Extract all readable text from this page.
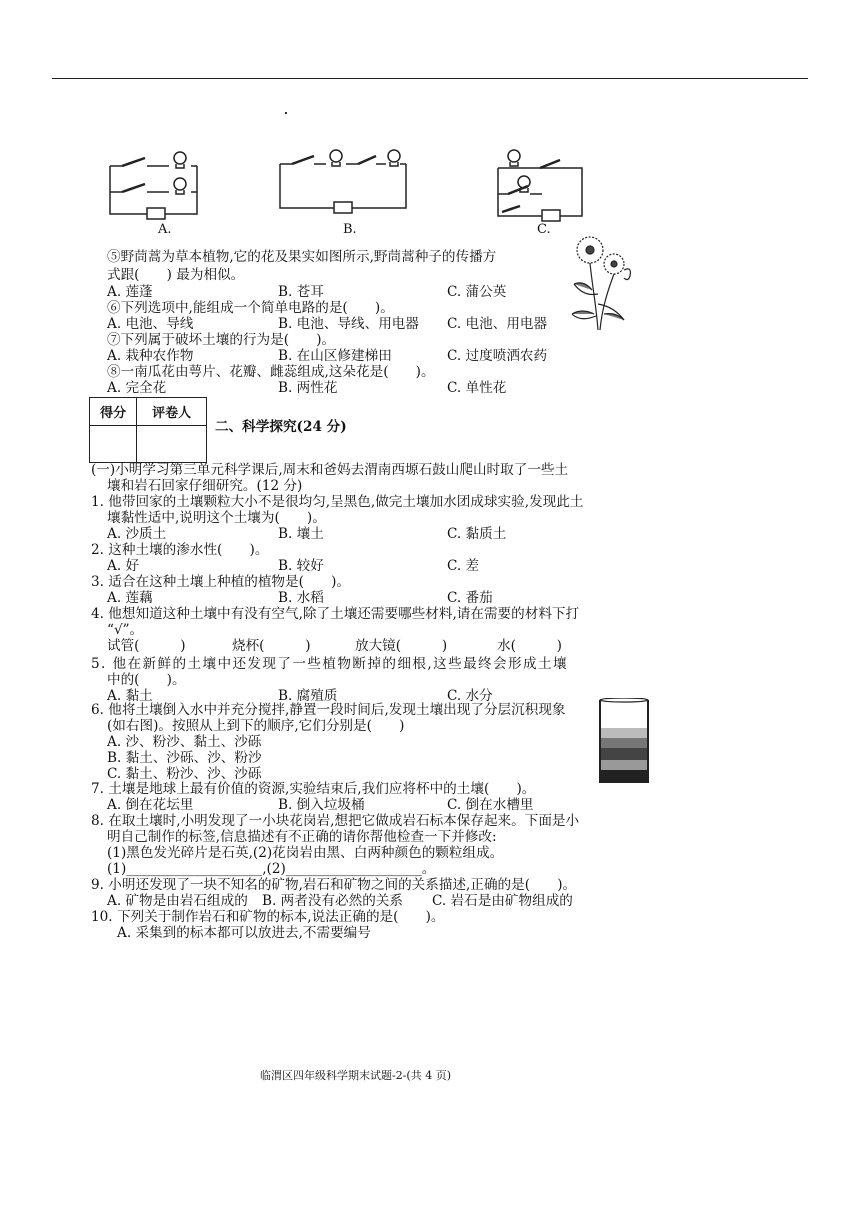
A.	B.	C.
⑤野茼蒿为草本植物,它的花及果实如图所示,野茼蒿种子的传播方
式跟(　　) 最为相似。
A. 莲蓬	B. 苍耳	C. 蒲公英
⑥下列选项中,能组成一个简单电路的是(　　)。
A. 电池、导线	B. 电池、导线、用电器 C. 电池、用电器
⑦下列属于破坏土壤的行为是(　　)。
A. 栽种农作物	B. 在山区修建梯田	C. 过度喷洒农药
⑧一南瓜花由萼片、花瓣、雌蕊组成,这朵花是(　　)。
A. 完全花	B. 两性花	C. 单性花
得分	评卷人

二、科学探究(24 分)
(一)小明学习第三单元科学课后,周末和爸妈去渭南西塬石鼓山爬山时取了一些土
壤和岩石回家仔细研究。(12 分)
1. 他带回家的土壤颗粒大小不是很均匀,呈黑色,做完土壤加水团成球实验,发现此土
壤黏性适中,说明这个土壤为(　　)。
A. 沙质土	B. 壤土	C. 黏质土
2. 这种土壤的渗水性(　　)。
A. 好	B. 较好	C. 差
3. 适合在这种土壤上种植的植物是(　　)。
A. 莲藕	B. 水稻	C. 番茄
4. 他想知道这种土壤中有没有空气,除了土壤还需要哪些材料,请在需要的材料下打
“√”。
试管(　　　)	烧杯(　　　)	放大镜(　　　)	水(　　　)
5. 他在新鲜的土壤中还发现了一些植物断掉的细根,这些最终会形成土壤
中的(　　)。
A. 黏土	B. 腐殖质	C. 水分
6. 他将土壤倒入水中并充分搅拌,静置一段时间后,发现土壤出现了分层沉积现象
(如右图)。按照从上到下的顺序,它们分别是(　　)
A. 沙、粉沙、黏土、沙砾
B. 黏土、沙砾、沙、粉沙
C. 黏土、粉沙、沙、沙砾
7. 土壤是地球上最有价值的资源,实验结束后,我们应将杯中的土壤(　　)。
A. 倒在花坛里	B. 倒入垃圾桶	C. 倒在水槽里
8. 在取土壤时,小明发现了一小块花岗岩,想把它做成岩石标本保存起来。下面是小
明自己制作的标签,信息描述有不正确的请你帮他检查一下并修改:
(1)黑色发光碎片是石英,(2)花岗岩由黑、白两种颜色的颗粒组成。
(1)____________________,(2)____________________。
9. 小明还发现了一块不知名的矿物,岩石和矿物之间的关系描述,正确的是(　　)。
A. 矿物是由岩石组成的 B. 两者没有必然的关系 C. 岩石是由矿物组成的
10. 下列关于制作岩石和矿物的标本,说法正确的是(　　)。
A. 采集到的标本都可以放进去,不需要编号
临渭区四年级科学期末试题-2-(共 4 页)
